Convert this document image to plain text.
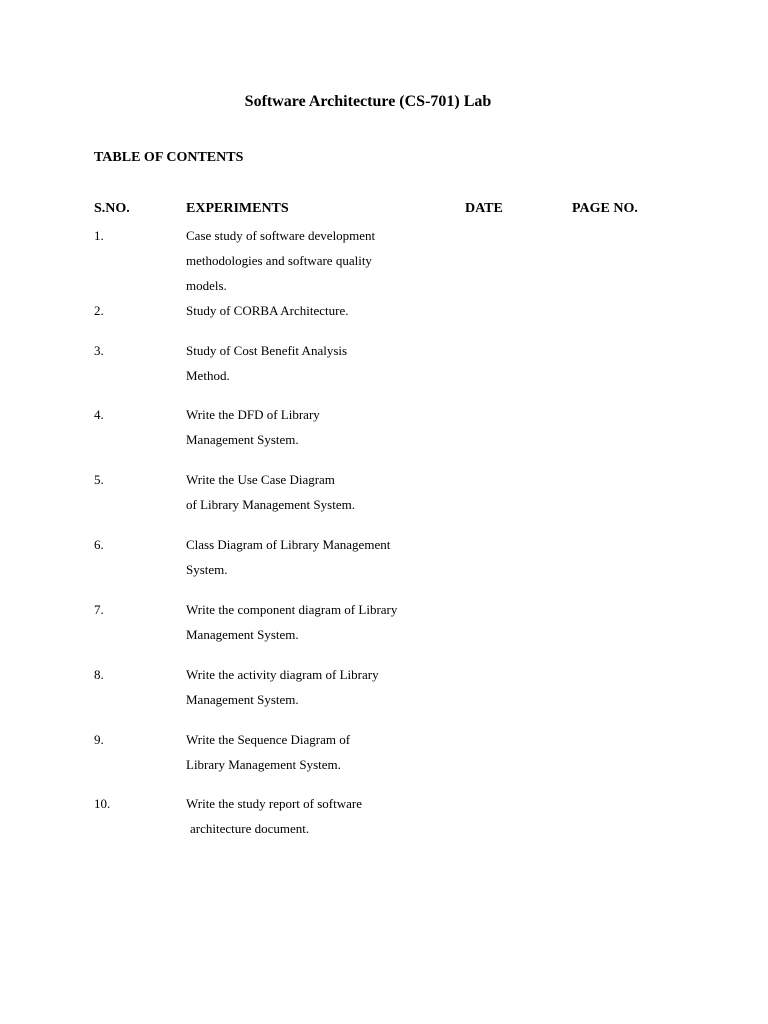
Software Architecture (CS-701) Lab
TABLE OF CONTENTS
S.NO.	EXPERIMENTS	DATE	PAGE NO.
1.	Case study of software development
methodologies and software quality
models.
2.	Study of CORBA Architecture.
3.	Study of Cost Benefit Analysis
Method.
4.	Write the DFD of Library
Management System.
5.	Write the Use Case Diagram
of Library Management System.
6.	Class Diagram of Library Management
System.
7.	Write the component diagram of Library
Management System.
8.	Write the activity diagram of Library
Management System.
9.	Write the Sequence Diagram of
Library Management System.
10.	Write the study report of software
architecture document.
